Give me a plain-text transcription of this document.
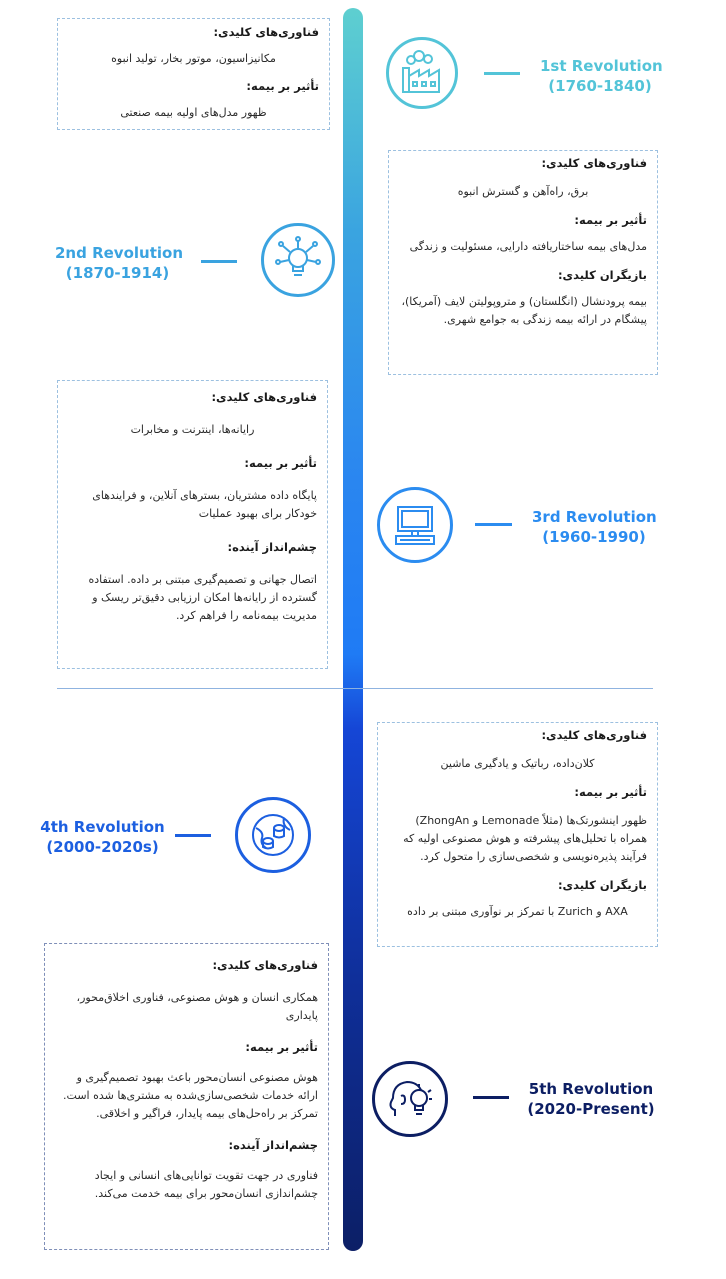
فناوری‌های کلیدی:
مکانیزاسیون، موتور بخار، تولید انبوه
تأثیر بر بیمه:
ظهور مدل‌های اولیه بیمه صنعتی
1st Revolution
(1760-1840)
فناوری‌های کلیدی:
برق، راه‌آهن و گسترش انبوه
تأثیر بر بیمه:
مدل‌های بیمه ساختاریافته دارایی، مسئولیت و زندگی
بازیگران کلیدی:
بیمه پرودنشال (انگلستان) و متروپولیتن لایف (آمریکا)، پیشگام در ارائه بیمه زندگی به جوامع شهری.
2nd Revolution
(1870-1914)
فناوری‌های کلیدی:
رایانه‌ها، اینترنت و مخابرات
تأثیر بر بیمه:
پایگاه داده مشتریان، بسترهای آنلاین، و فرایندهای خودکار برای بهبود عملیات
چشم‌انداز آینده:
اتصال جهانی و تصمیم‌گیری مبتنی بر داده. استفاده گسترده از رایانه‌ها امکان ارزیابی دقیق‌تر ریسک و مدیریت بیمه‌نامه را فراهم کرد.
3rd Revolution
(1960-1990)
فناوری‌های کلیدی:
کلان‌داده، رباتیک و یادگیری ماشین
تأثیر بر بیمه:
ظهور اینشورتک‌ها (مثلاً Lemonade و ZhongAn) همراه با تحلیل‌های پیشرفته و هوش مصنوعی اولیه که فرآیند پذیره‌نویسی و شخصی‌سازی را متحول کرد.
بازیگران کلیدی:
AXA و Zurich با تمرکز بر نوآوری مبتنی بر داده
4th Revolution
(2000-2020s)
فناوری‌های کلیدی:
همکاری انسان و هوش مصنوعی، فناوری اخلاق‌محور، پایداری
تأثیر بر بیمه:
هوش مصنوعی انسان‌محور باعث بهبود تصمیم‌گیری و ارائه خدمات شخصی‌سازی‌شده به مشتری‌ها شده است. تمرکز بر راه‌حل‌های بیمه پایدار، فراگیر و اخلاقی.
چشم‌انداز آینده:
فناوری در جهت تقویت توانایی‌های انسانی و ایجاد چشم‌اندازی انسان‌محور برای بیمه خدمت می‌کند.
5th Revolution
(2020-Present)
